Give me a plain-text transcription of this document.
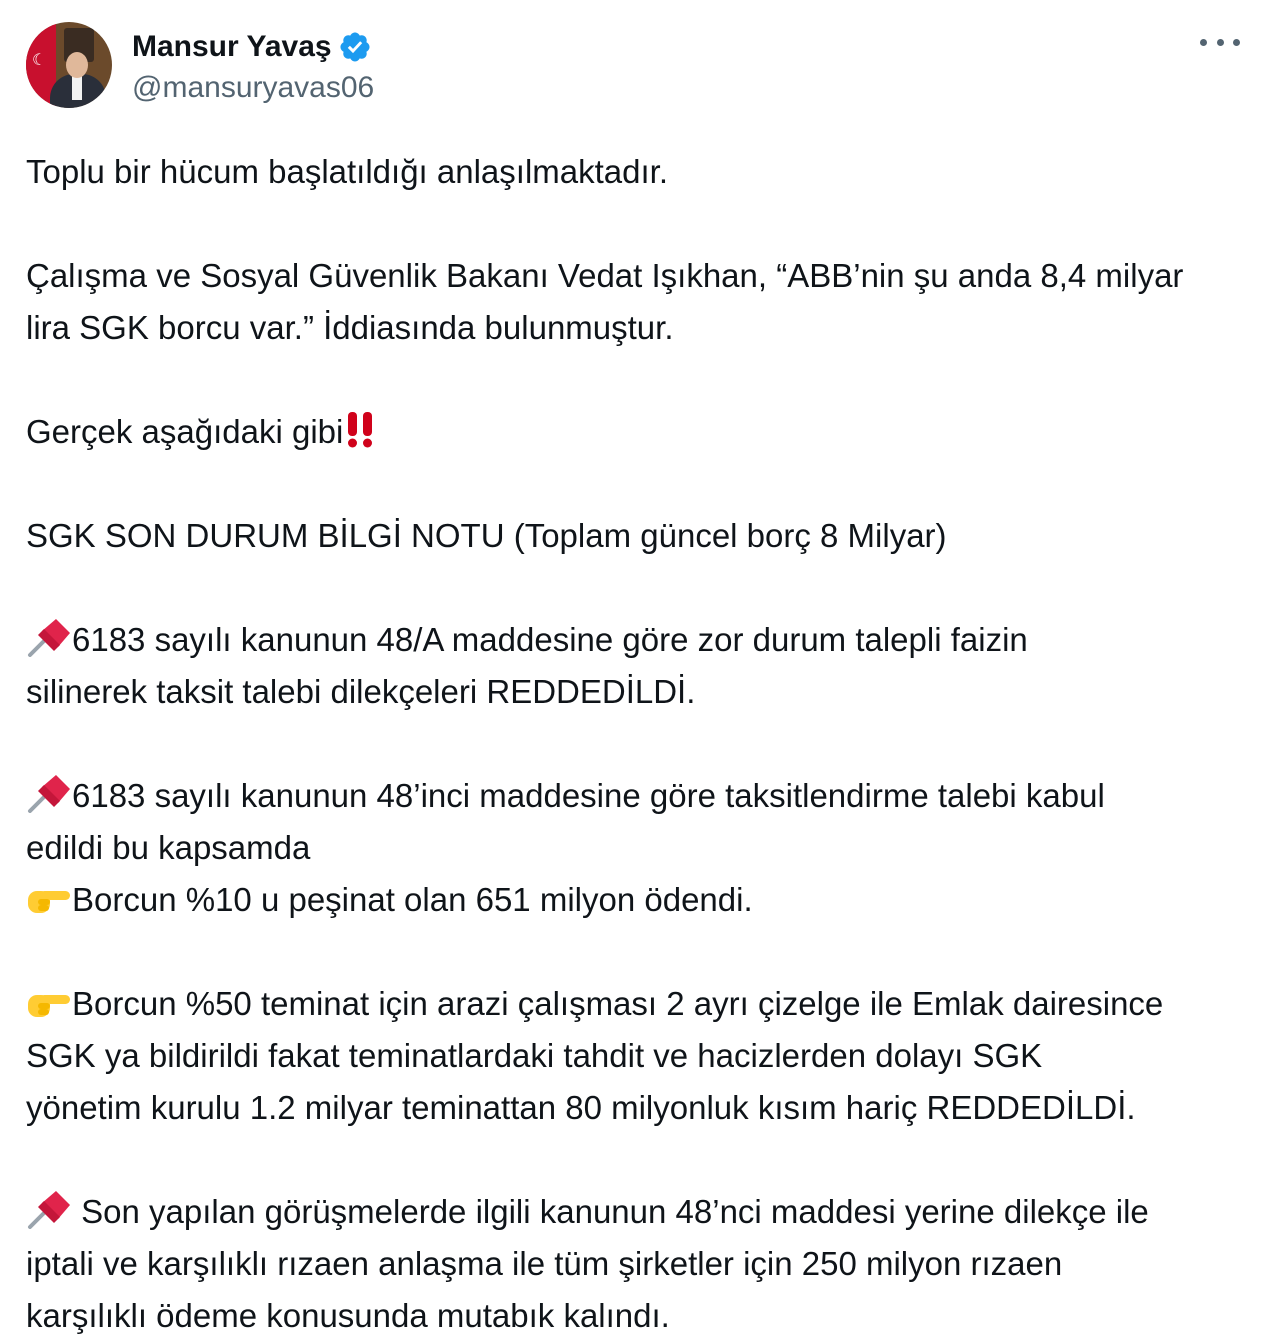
☾	Mansur Yavaş
@mansuryavas06
Toplu bir hücum başlatıldığı anlaşılmaktadır.
Çalışma ve Sosyal Güvenlik Bakanı Vedat Işıkhan, “ABB’nin şu anda 8,4 milyar
lira SGK borcu var.” İddiasında bulunmuştur.
Gerçek aşağıdaki gibi
SGK SON DURUM BİLGİ NOTU (Toplam güncel borç 8 Milyar)
6183 sayılı kanunun 48/A maddesine göre zor durum talepli faizin
silinerek taksit talebi dilekçeleri REDDEDİLDİ.
6183 sayılı kanunun 48’inci maddesine göre taksitlendirme talebi kabul
edildi bu kapsamda
Borcun %10 u peşinat olan 651 milyon ödendi.
Borcun %50 teminat için arazi çalışması 2 ayrı çizelge ile Emlak dairesince
SGK ya bildirildi fakat teminatlardaki tahdit ve hacizlerden dolayı SGK
yönetim kurulu 1.2 milyar teminattan 80 milyonluk kısım hariç REDDEDİLDİ.
Son yapılan görüşmelerde ilgili kanunun 48’nci maddesi yerine dilekçe ile
iptali ve karşılıklı rızaen anlaşma ile tüm şirketler için 250 milyon rızaen
karşılıklı ödeme konusunda mutabık kalındı.
